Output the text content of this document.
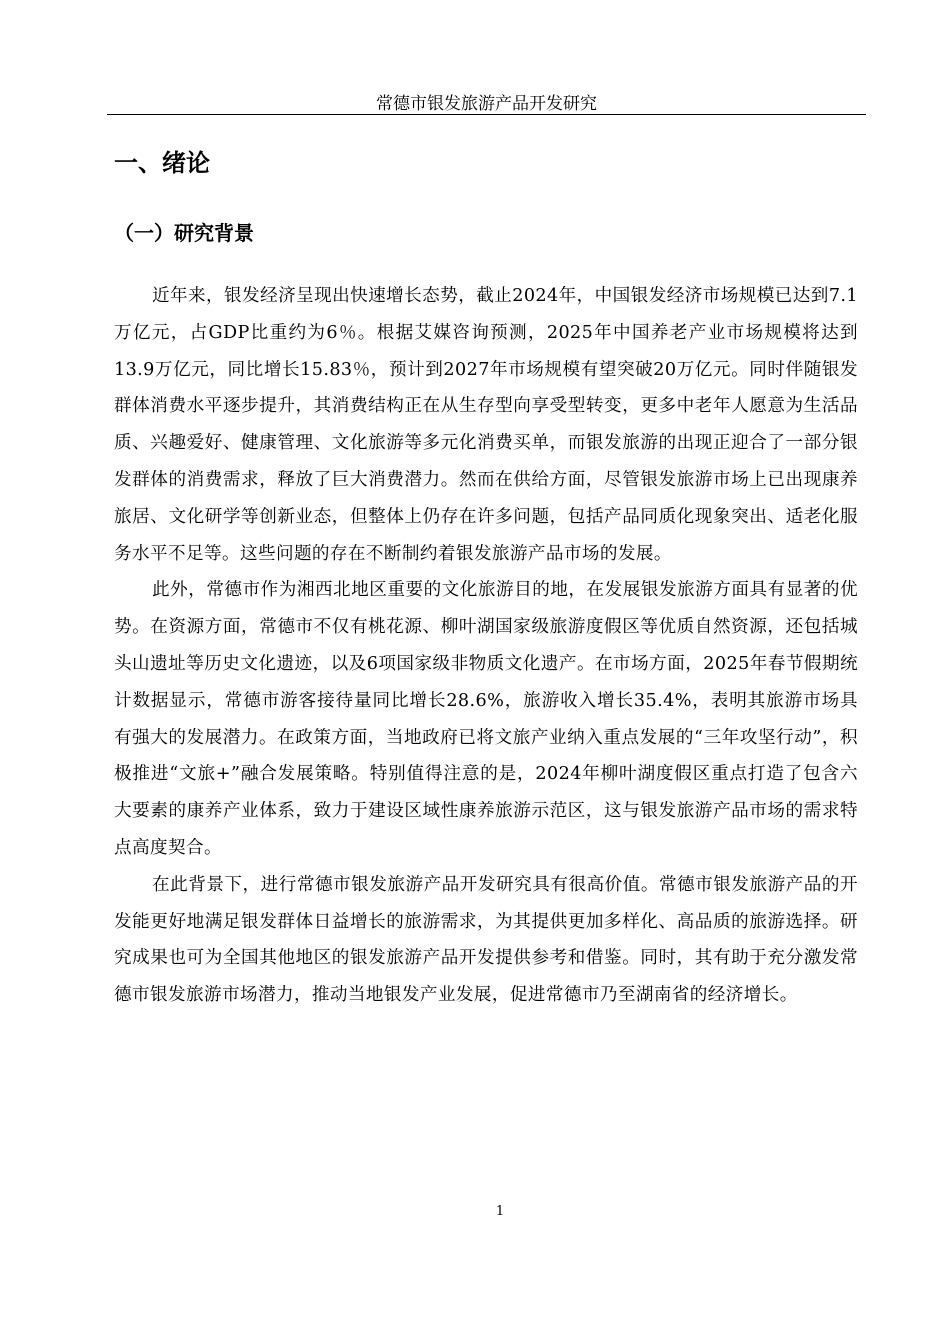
常德市银发旅游产品开发研究
一、绪论
（一）研究背景

近年来，银发经济呈现出快速增长态势，截止2024年，中国银发经济市场规模已达到7.1万亿元，占GDP比重约为6％。根据艾媒咨询预测，2025年中国养老产业市场规模将达到13.9万亿元，同比增长15.83％，预计到2027年市场规模有望突破20万亿元。同时伴随银发群体消费水平逐步提升，其消费结构正在从生存型向享受型转变，更多中老年人愿意为生活品质、兴趣爱好、健康管理、文化旅游等多元化消费买单，而银发旅游的出现正迎合了一部分银发群体的消费需求，释放了巨大消费潜力。然而在供给方面，尽管银发旅游市场上已出现康养旅居、文化研学等创新业态，但整体上仍存在许多问题，包括产品同质化现象突出、适老化服务水平不足等。这些问题的存在不断制约着银发旅游产品市场的发展。

此外，常德市作为湘西北地区重要的文化旅游目的地，在发展银发旅游方面具有显著的优势。在资源方面，常德市不仅有桃花源、柳叶湖国家级旅游度假区等优质自然资源，还包括城头山遗址等历史文化遗迹，以及6项国家级非物质文化遗产。在市场方面，2025年春节假期统计数据显示，常德市游客接待量同比增长28.6%，旅游收入增长35.4%，表明其旅游市场具有强大的发展潜力。在政策方面，当地政府已将文旅产业纳入重点发展的“三年攻坚行动”，积极推进“文旅+”融合发展策略。特别值得注意的是，2024年柳叶湖度假区重点打造了包含六大要素的康养产业体系，致力于建设区域性康养旅游示范区，这与银发旅游产品市场的需求特点高度契合。

在此背景下，进行常德市银发旅游产品开发研究具有很高价值。常德市银发旅游产品的开发能更好地满足银发群体日益增长的旅游需求，为其提供更加多样化、高品质的旅游选择。研究成果也可为全国其他地区的银发旅游产品开发提供参考和借鉴。同时，其有助于充分激发常德市银发旅游市场潜力，推动当地银发产业发展，促进常德市乃至湖南省的经济增长。

1
